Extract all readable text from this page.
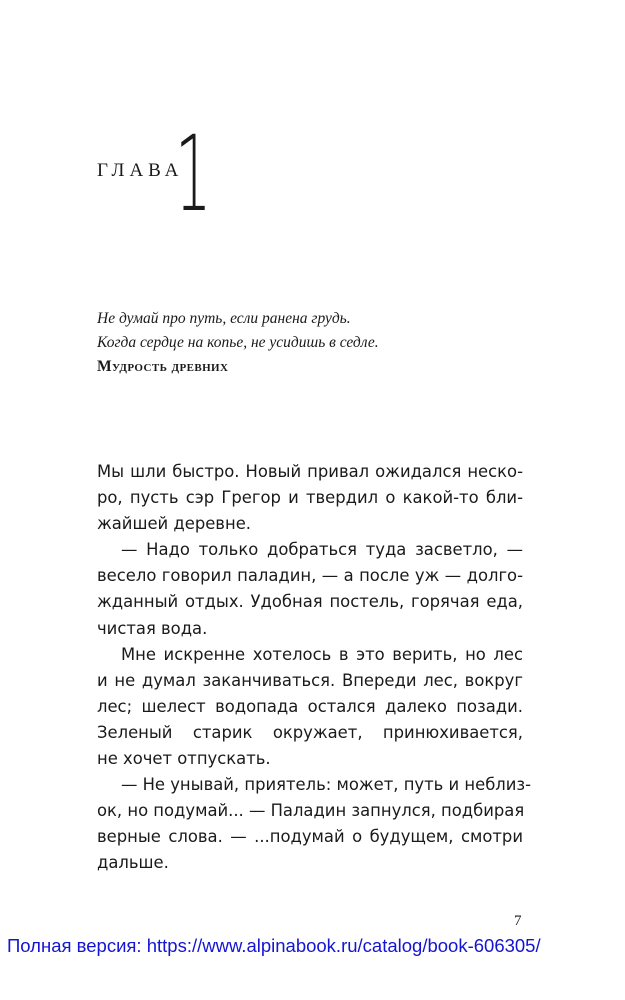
ГЛАВА
1
Не думай про путь, если ранена грудь.
Когда сердце на копье, не усидишь в седле.
Мудрость древних
Мы шли быстро. Новый привал ожидался неско-
ро, пусть сэр Грегор и твердил о какой-то бли-
жайшей деревне.
— Надо только добраться туда засветло, —
весело говорил паладин, — а после уж — долго-
жданный отдых. Удобная постель, горячая еда,
чистая вода.
Мне искренне хотелось в это верить, но лес
и не думал заканчиваться. Впереди лес, вокруг
лес; шелест водопада остался далеко позади.
Зеленый старик окружает, принюхивается,
не хочет отпускать.
— Не унывай, приятель: может, путь и неблиз-
ок, но подумай... — Паладин запнулся, подбирая
верные слова. — ...подумай о будущем, смотри
дальше.
7
Полная версия: https://www.alpinabook.ru/catalog/book-606305/
